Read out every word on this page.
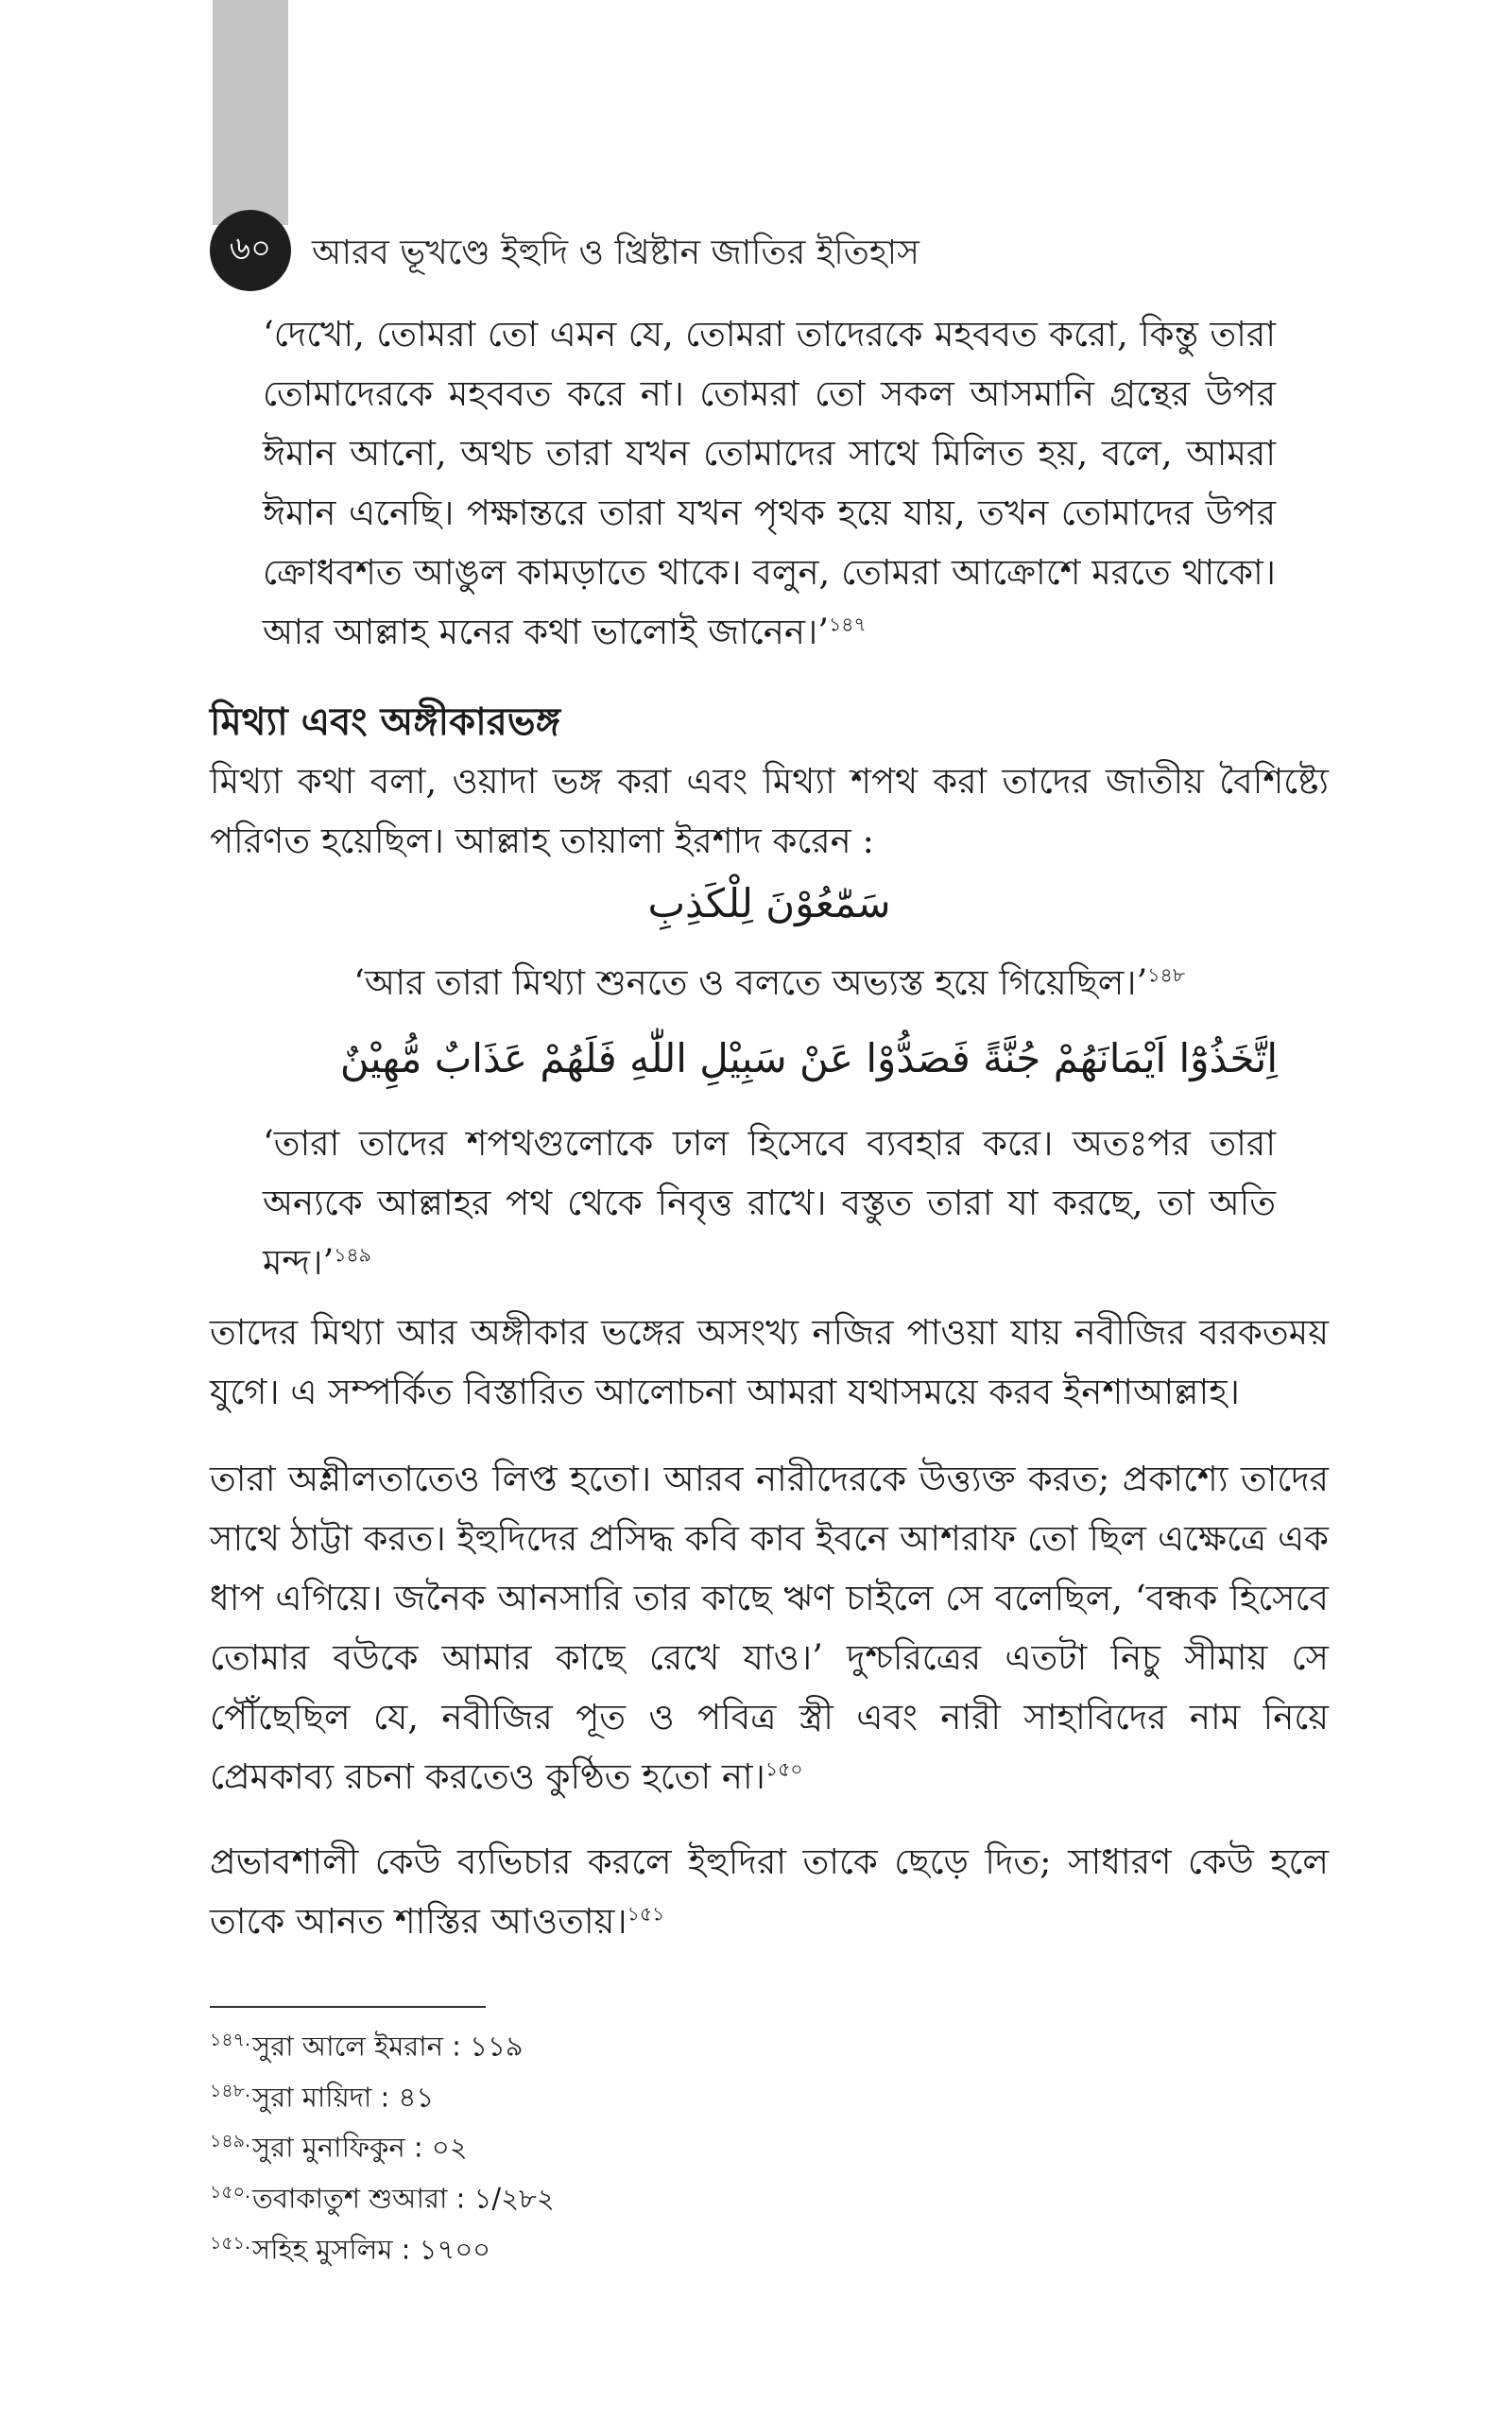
৬০ আরব ভূখণ্ডে ইহুদি ও খ্রিষ্টান জাতির ইতিহাস

‘দেখো, তোমরা তো এমন যে, তোমরা তাদেরকে মহববত করো, কিন্তু তারা তোমাদেরকে মহববত করে না। তোমরা তো সকল আসমানি গ্রন্থের উপর ঈমান আনো, অথচ তারা যখন তোমাদের সাথে মিলিত হয়, বলে, আমরা ঈমান এনেছি। পক্ষান্তরে তারা যখন পৃথক হয়ে যায়, তখন তোমাদের উপর ক্রোধবশত আঙুল কামড়াতে থাকে। বলুন, তোমরা আক্রোশে মরতে থাকো। আর আল্লাহ মনের কথা ভালোই জানেন।’$^{১৪৭}$

মিথ্যা এবং অঙ্গীকারভঙ্গ

মিথ্যা কথা বলা, ওয়াদা ভঙ্গ করা এবং মিথ্যা শপথ করা তাদের জাতীয় বৈশিষ্ট্যে পরিণত হয়েছিল। আল্লাহ তায়ালা ইরশাদ করেন :

سَمّٰعُوْنَ لِلْكَذِبِ

‘আর তারা মিথ্যা শুনতে ও বলতে অভ্যস্ত হয়ে গিয়েছিল।’$^{১৪৮}$

اِتَّخَذُوْٓا اَيْمَانَهُمْ جُنَّةً فَصَدُّوْا عَنْ سَبِيْلِ اللّٰهِ فَلَهُمْ عَذَابٌ مُّهِيْنٌ

‘তারা তাদের শপথগুলোকে ঢাল হিসেবে ব্যবহার করে। অতঃপর তারা অন্যকে আল্লাহর পথ থেকে নিবৃত্ত রাখে। বস্তুত তারা যা করছে, তা অতি মন্দ।’$^{১৪৯}$

তাদের মিথ্যা আর অঙ্গীকার ভঙ্গের অসংখ্য নজির পাওয়া যায় নবীজির বরকতময় যুগে। এ সম্পর্কিত বিস্তারিত আলোচনা আমরা যথাসময়ে করব ইনশাআল্লাহ।

তারা অশ্লীলতাতেও লিপ্ত হতো। আরব নারীদেরকে উত্ত্যক্ত করত; প্রকাশ্যে তাদের সাথে ঠাট্টা করত। ইহুদিদের প্রসিদ্ধ কবি কাব ইবনে আশরাফ তো ছিল এক্ষেত্রে এক ধাপ এগিয়ে। জনৈক আনসারি তার কাছে ঋণ চাইলে সে বলেছিল, ‘বন্ধক হিসেবে তোমার বউকে আমার কাছে রেখে যাও।’ দুশ্চরিত্রের এতটা নিচু সীমায় সে পৌঁছেছিল যে, নবীজির পূত ও পবিত্র স্ত্রী এবং নারী সাহাবিদের নাম নিয়ে প্রেমকাব্য রচনা করতেও কুণ্ঠিত হতো না।$^{১৫০}$

প্রভাবশালী কেউ ব্যভিচার করলে ইহুদিরা তাকে ছেড়ে দিত; সাধারণ কেউ হলে তাকে আনত শাস্তির আওতায়।$^{১৫১}$

$^{১৪৭.}$সুরা আলে ইমরান : ১১৯
$^{১৪৮.}$সুরা মায়িদা : ৪১
$^{১৪৯.}$সুরা মুনাফিকুন : ০২
$^{১৫০.}$তবাকাতুশ শুআরা : ১/২৮২
$^{১৫১.}$সহিহ মুসলিম : ১৭০০
